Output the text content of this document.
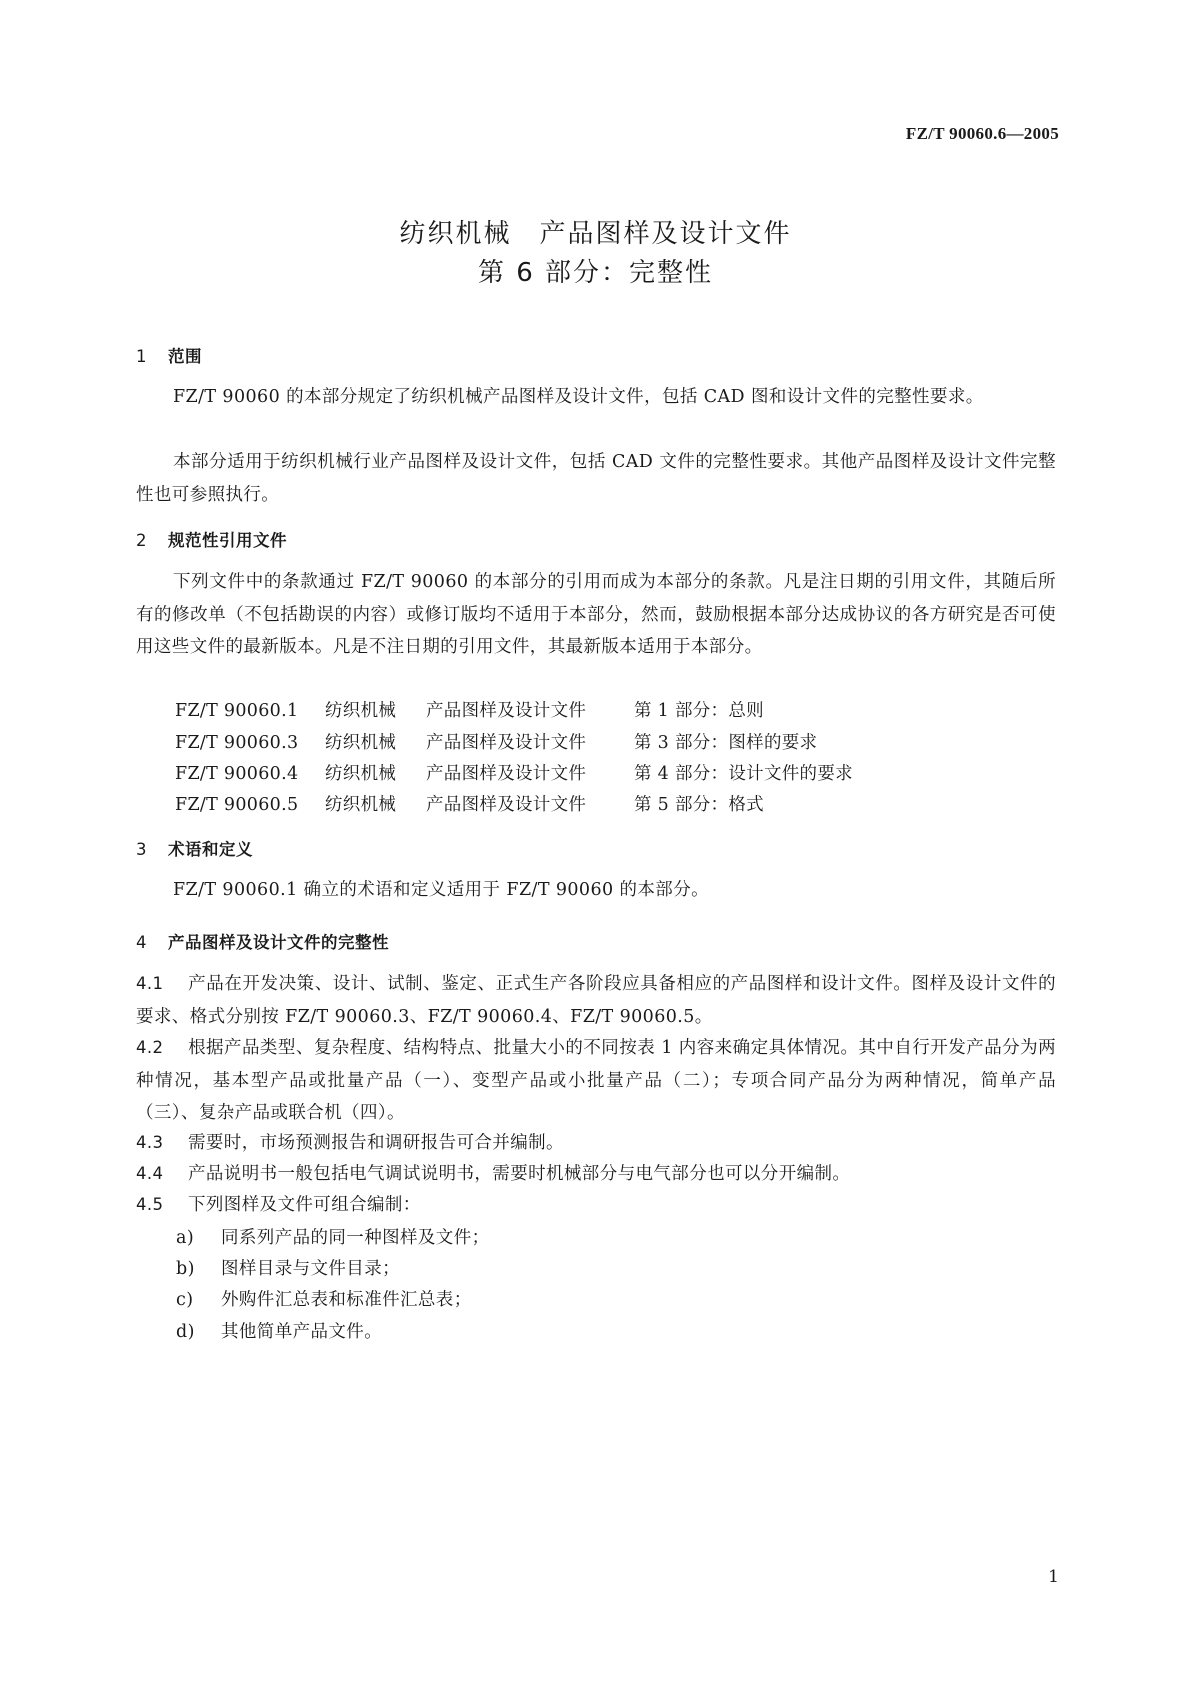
FZ/T 90060.6—2005
纺织机械　产品图样及设计文件
第 6 部分：完整性
1 范围
FZ/T 90060 的本部分规定了纺织机械产品图样及设计文件，包括 CAD 图和设计文件的完整性要求。
本部分适用于纺织机械行业产品图样及设计文件，包括 CAD 文件的完整性要求。其他产品图样及设计文件完整性也可参照执行。
2 规范性引用文件
下列文件中的条款通过 FZ/T 90060 的本部分的引用而成为本部分的条款。凡是注日期的引用文件，其随后所有的修改单（不包括勘误的内容）或修订版均不适用于本部分，然而，鼓励根据本部分达成协议的各方研究是否可使用这些文件的最新版本。凡是不注日期的引用文件，其最新版本适用于本部分。
FZ/T 90060.1 纺织机械 产品图样及设计文件	第 1 部分：总则
FZ/T 90060.3 纺织机械 产品图样及设计文件	第 3 部分：图样的要求
FZ/T 90060.4 纺织机械 产品图样及设计文件	第 4 部分：设计文件的要求
FZ/T 90060.5 纺织机械 产品图样及设计文件	第 5 部分：格式
3 术语和定义
FZ/T 90060.1 确立的术语和定义适用于 FZ/T 90060 的本部分。
4 产品图样及设计文件的完整性
4.1 产品在开发决策、设计、试制、鉴定、正式生产各阶段应具备相应的产品图样和设计文件。图样及设计文件的要求、格式分别按 FZ/T 90060.3、FZ/T 90060.4、FZ/T 90060.5。
4.2 根据产品类型、复杂程度、结构特点、批量大小的不同按表 1 内容来确定具体情况。其中自行开发产品分为两种情况，基本型产品或批量产品（一）、变型产品或小批量产品（二）；专项合同产品分为两种情况，简单产品（三）、复杂产品或联合机（四）。
4.3 需要时，市场预测报告和调研报告可合并编制。
4.4 产品说明书一般包括电气调试说明书，需要时机械部分与电气部分也可以分开编制。
4.5 下列图样及文件可组合编制：
a) 同系列产品的同一种图样及文件；
b) 图样目录与文件目录；
c) 外购件汇总表和标准件汇总表；
d) 其他简单产品文件。
1
